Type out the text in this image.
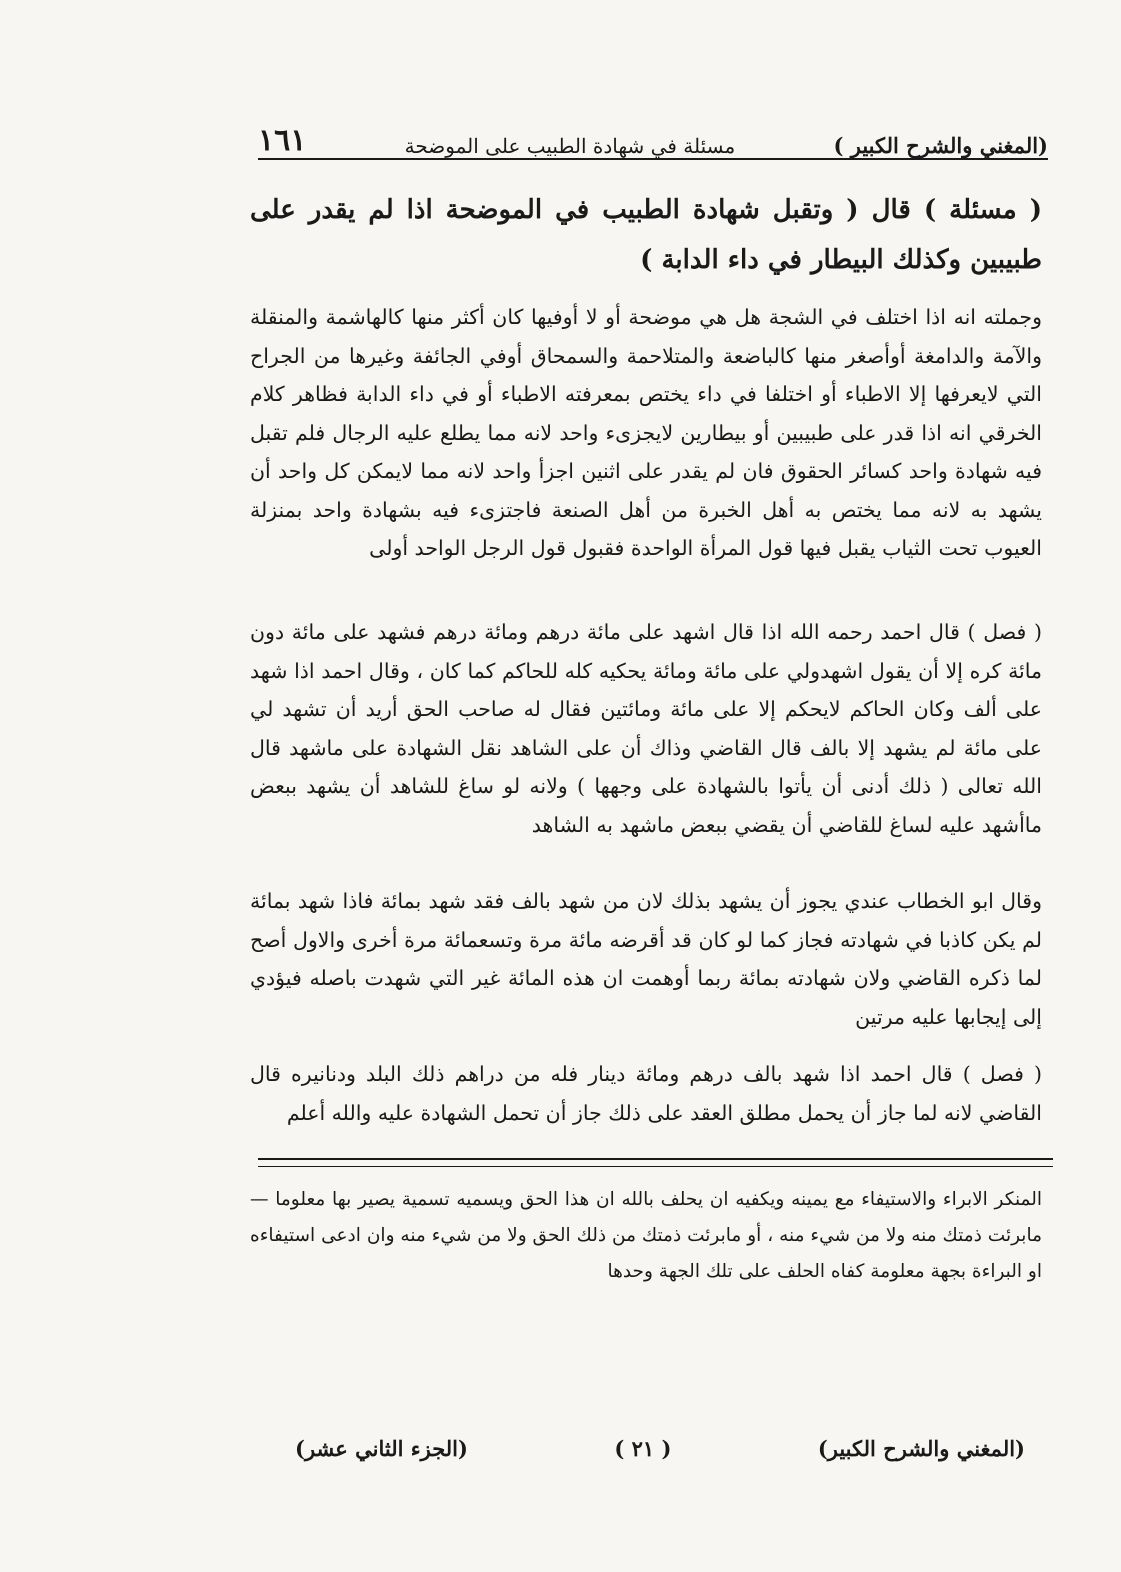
(المغني والشرح الكبير )
مسئلة في شهادة الطبيب على الموضحة
١٦١
( مسئلة ) قال ( وتقبل شهادة الطبيب في الموضحة اذا لم يقدر على طبيبين وكذلك البيطار في داء الدابة )
وجملته انه اذا اختلف في الشجة هل هي موضحة أو لا أوفيها كان أكثر منها كالهاشمة والمنقلة والآمة والدامغة أوأصغر منها كالباضعة والمتلاحمة والسمحاق أوفي الجائفة وغيرها من الجراح التي لايعرفها إلا الاطباء أو اختلفا في داء يختص بمعرفته الاطباء أو في داء الدابة فظاهر كلام الخرقي انه اذا قدر على طبيبين أو بيطارين لايجزىء واحد لانه مما يطلع عليه الرجال فلم تقبل فيه شهادة واحد كسائر الحقوق فان لم يقدر على اثنين اجزأ واحد لانه مما لايمكن كل واحد أن يشهد به لانه مما يختص به أهل الخبرة من أهل الصنعة فاجتزىء فيه بشهادة واحد بمنزلة العيوب تحت الثياب يقبل فيها قول المرأة الواحدة فقبول قول الرجل الواحد أولى
( فصل ) قال احمد رحمه الله اذا قال اشهد على مائة درهم ومائة درهم فشهد على مائة دون مائة كره إلا أن يقول اشهدولي على مائة ومائة يحكيه كله للحاكم كما كان ، وقال احمد اذا شهد على ألف وكان الحاكم لايحكم إلا على مائة ومائتين فقال له صاحب الحق أريد أن تشهد لي على مائة لم يشهد إلا بالف قال القاضي وذاك أن على الشاهد نقل الشهادة على ماشهد قال الله تعالى ( ذلك أدنى أن يأتوا بالشهادة على وجهها ) ولانه لو ساغ للشاهد أن يشهد ببعض ماأشهد عليه لساغ للقاضي أن يقضي ببعض ماشهد به الشاهد
وقال ابو الخطاب عندي يجوز أن يشهد بذلك لان من شهد بالف فقد شهد بمائة فاذا شهد بمائة لم يكن كاذبا في شهادته فجاز كما لو كان قد أقرضه مائة مرة وتسعمائة مرة أخرى والاول أصح لما ذكره القاضي ولان شهادته بمائة ربما أوهمت ان هذه المائة غير التي شهدت باصله فيؤدي إلى إيجابها عليه مرتين
( فصل ) قال احمد اذا شهد بالف درهم ومائة دينار فله من دراهم ذلك البلد ودنانيره قال القاضي لانه لما جاز أن يحمل مطلق العقد على ذلك جاز أن تحمل الشهادة عليه والله أعلم
المنكر الابراء والاستيفاء مع يمينه ويكفيه ان يحلف بالله ان هذا الحق ويسميه تسمية يصير بها معلوما — مابرئت ذمتك منه ولا من شيء منه ، أو مابرئت ذمتك من ذلك الحق ولا من شيء منه وان ادعى استيفاءه او البراءة بجهة معلومة كفاه الحلف على تلك الجهة وحدها
(المغني والشرح الكبير)
( ٢١ )
(الجزء الثاني عشر)
